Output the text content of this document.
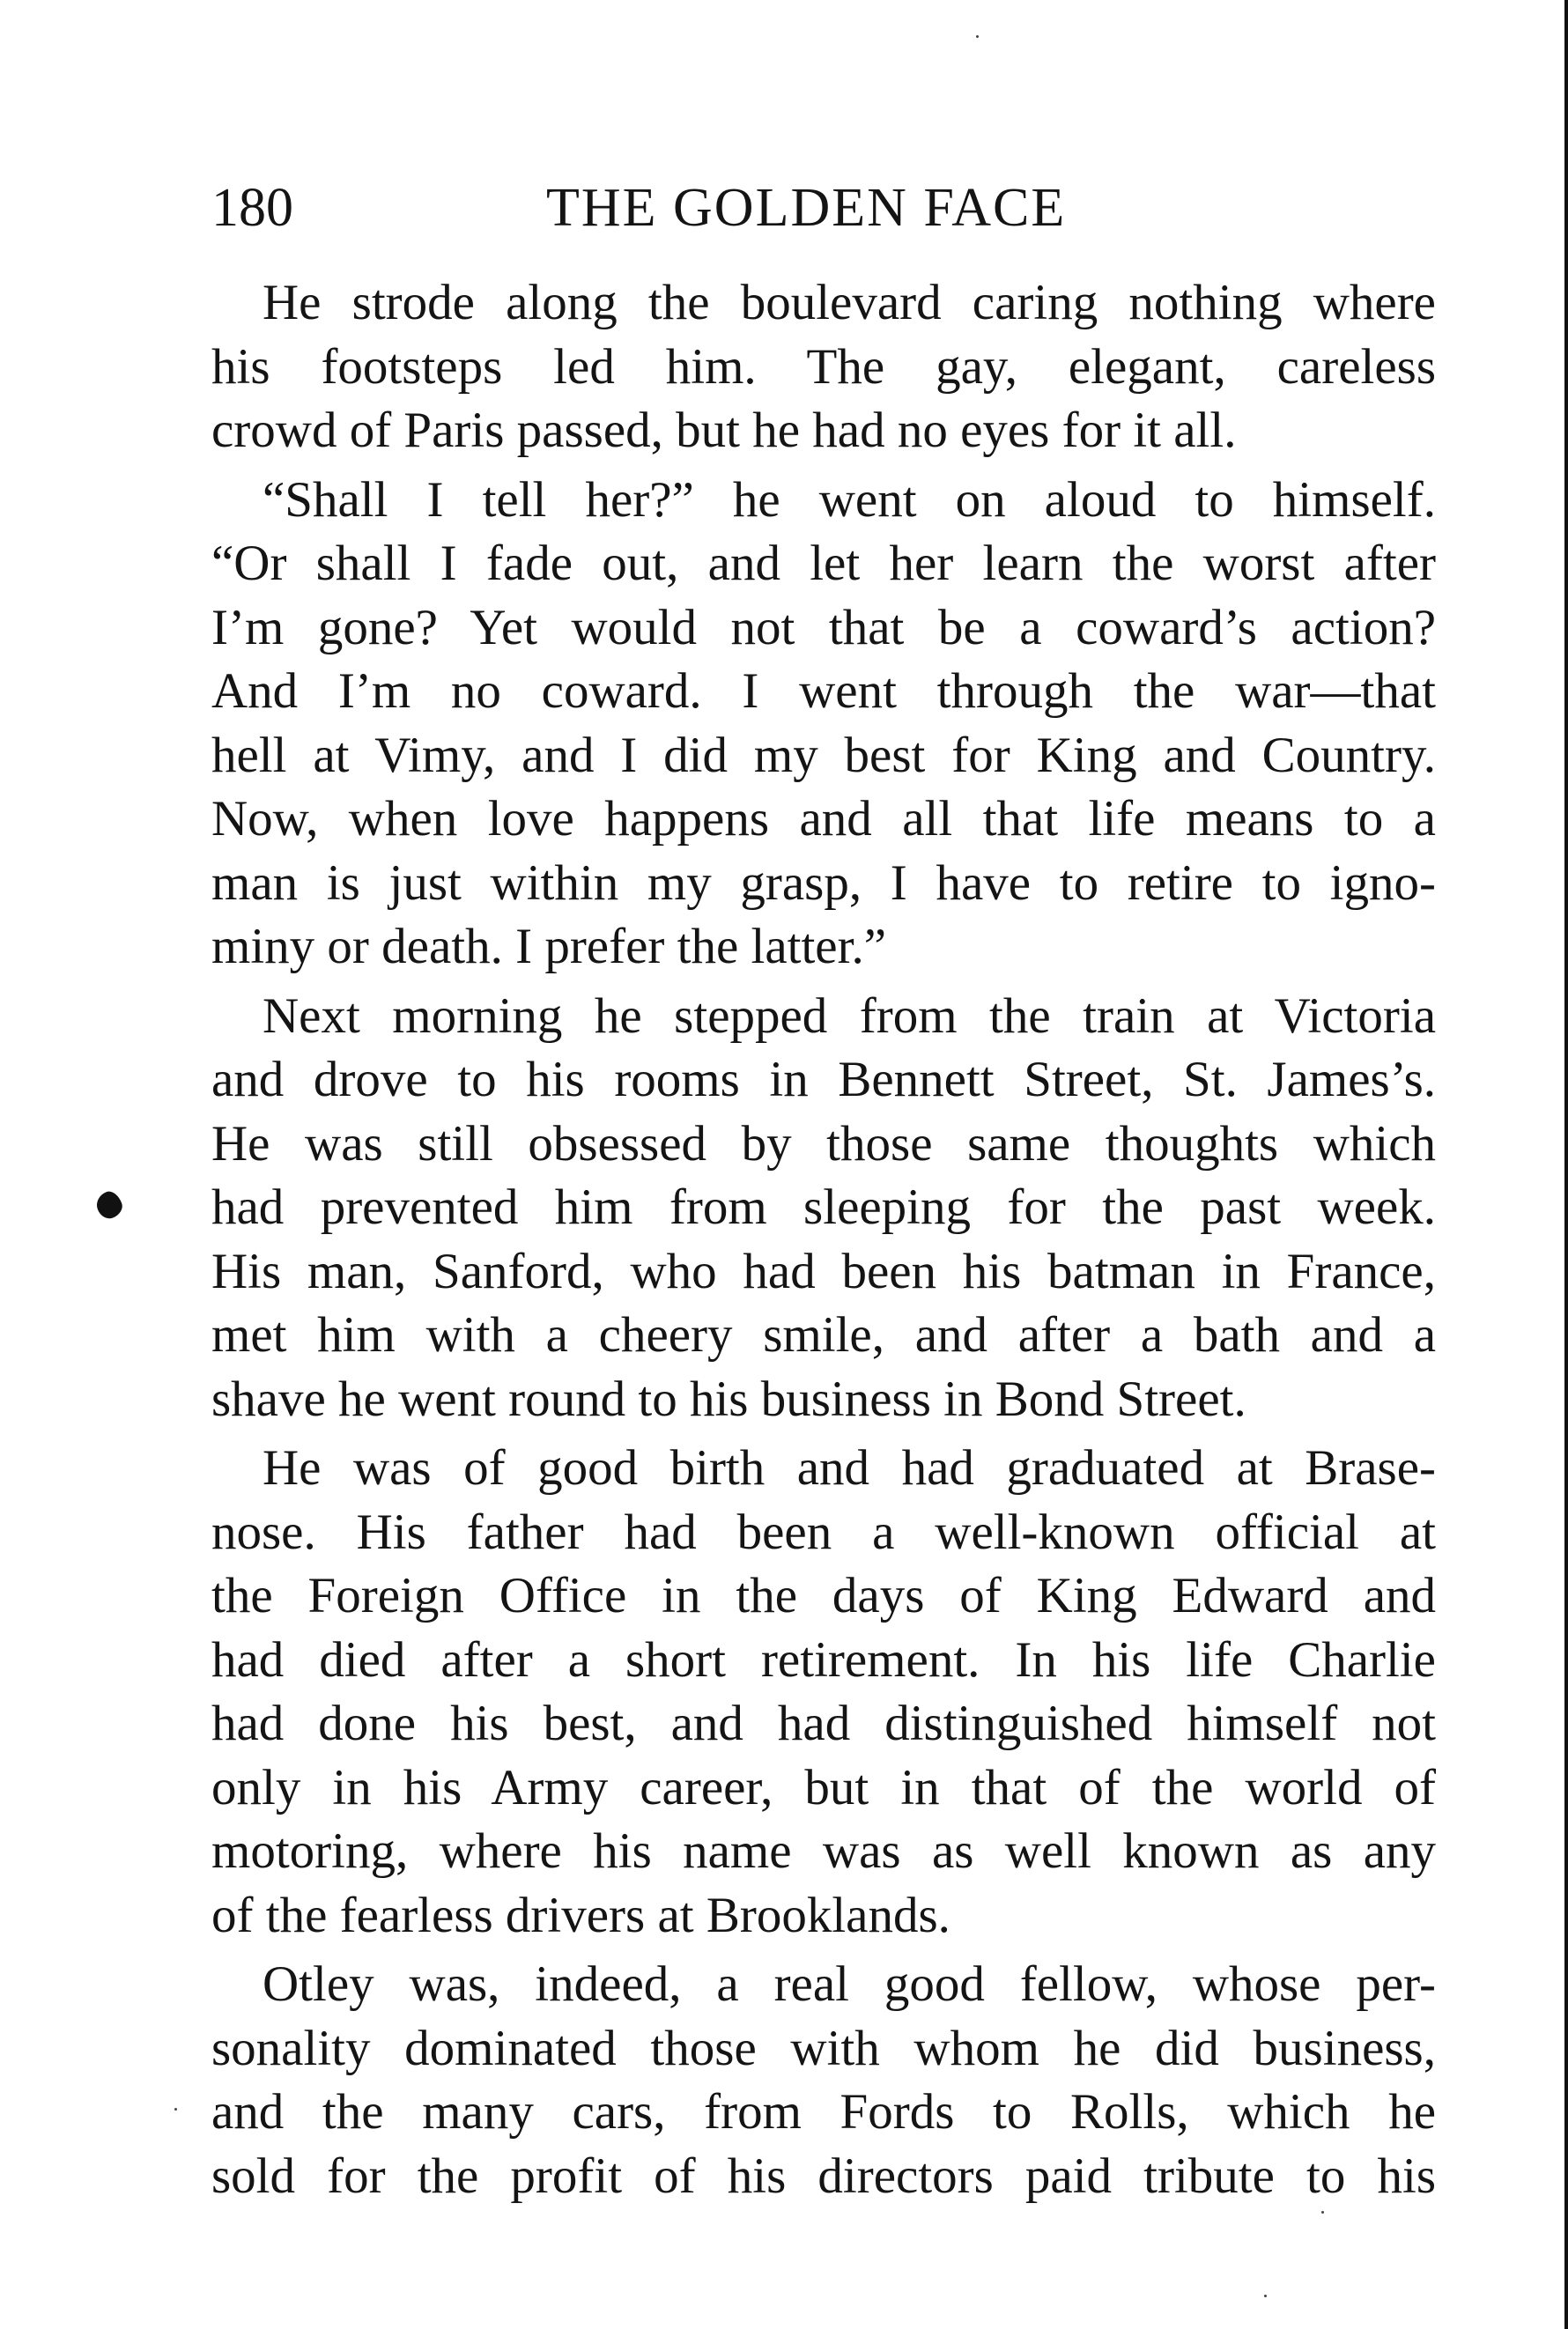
180	THE GOLDEN FACE

He strode along the boulevard caring nothing where
his footsteps led him. The gay, elegant, careless
crowd of Paris passed, but he had no eyes for it all.

“Shall I tell her?” he went on aloud to himself.
“Or shall I fade out, and let her learn the worst after
I’m gone? Yet would not that be a coward’s action?
And I’m no coward. I went through the war—that
hell at Vimy, and I did my best for King and Country.
Now, when love happens and all that life means to a
man is just within my grasp, I have to retire to igno-
miny or death. I prefer the latter.”

Next morning he stepped from the train at Victoria
and drove to his rooms in Bennett Street, St. James’s.
He was still obsessed by those same thoughts which
had prevented him from sleeping for the past week.
His man, Sanford, who had been his batman in France,
met him with a cheery smile, and after a bath and a
shave he went round to his business in Bond Street.

He was of good birth and had graduated at Brase-
nose. His father had been a well-known official at
the Foreign Office in the days of King Edward and
had died after a short retirement. In his life Charlie
had done his best, and had distinguished himself not
only in his Army career, but in that of the world of
motoring, where his name was as well known as any
of the fearless drivers at Brooklands.

Otley was, indeed, a real good fellow, whose per-
sonality dominated those with whom he did business,
and the many cars, from Fords to Rolls, which he
sold for the profit of his directors paid tribute to his
